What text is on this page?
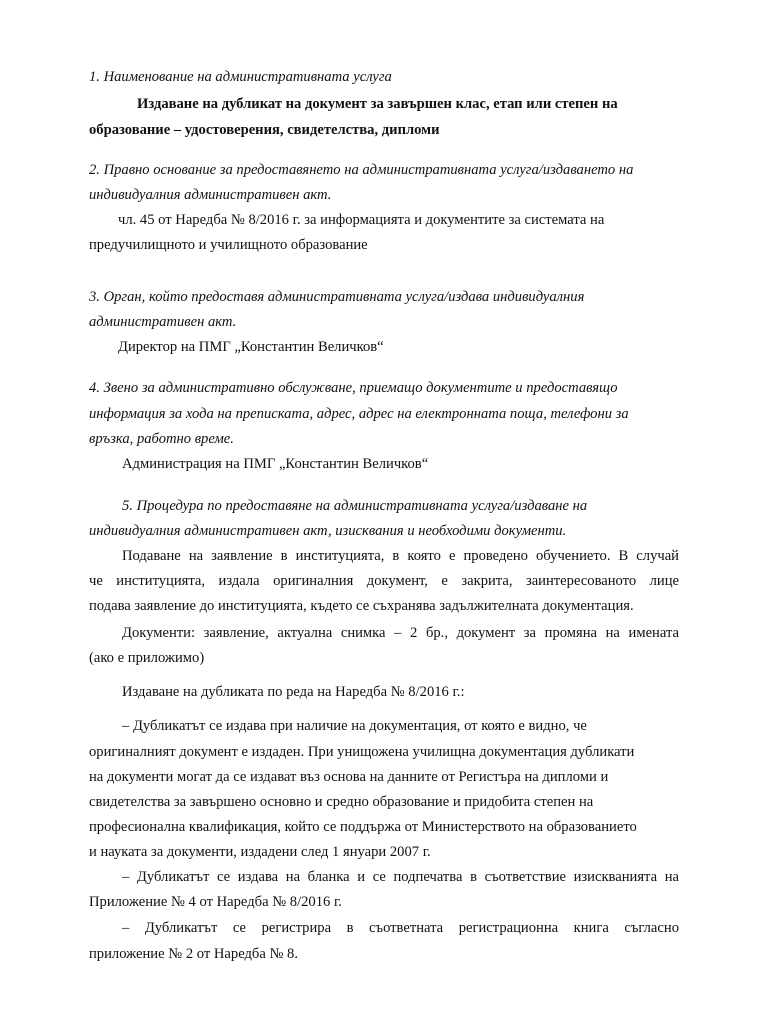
1. Наименование на административната услуга
Издаване на дубликат на документ за завършен клас, етап или степен на
образование – удостоверения, свидетелства, дипломи
2. Правно основание за предоставянето на административната услуга/издаването на
индивидуалния административен акт.
чл. 45 от Наредба № 8/2016 г. за информацията и документите за системата на
предучилищното и училищното образование
3. Орган, който предоставя административната услуга/издава индивидуалния
административен акт.
Директор на ПМГ „Константин Величков“
4. Звено за административно обслужване, приемащо документите и предоставящо
информация за хода на преписката, адрес, адрес на електронната поща, телефони за
връзка, работно време.
Администрация на ПМГ „Константин Величков“
5. Процедура по предоставяне на административната услуга/издаване на
индивидуалния административен акт, изисквания и необходими документи.
Подаване на заявление в институцията, в която е проведено обучението. В случай
че институцията, издала оригиналния документ, е закрита, заинтересованото лице
подава заявление до институцията, където се съхранява задължителната документация.
Документи: заявление, актуална снимка – 2 бр., документ за промяна на имената
(ако е приложимо)
Издаване на дубликата по реда на Наредба № 8/2016 г.:
– Дубликатът се издава при наличие на документация, от която е видно, че
оригиналният документ е издаден. При унищожена училищна документация дубликати
на документи могат да се издават въз основа на данните от Регистъра на дипломи и
свидетелства за завършено основно и средно образование и придобита степен на
професионална квалификация, който се поддържа от Министерството на образованието
и науката за документи, издадени след 1 януари 2007 г.
– Дубликатът се издава на бланка и се подпечатва в съответствие изискванията на
Приложение № 4 от Наредба № 8/2016 г.
– Дубликатът се регистрира в съответната регистрационна книга съгласно
приложение № 2 от Наредба № 8.
